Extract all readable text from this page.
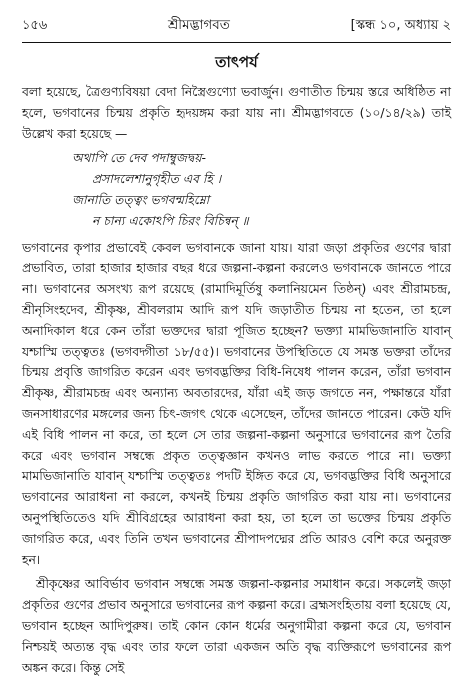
১৫৬	শ্রীমদ্ভাগবত	[স্কন্ধ ১০, অধ্যায় ২
তাৎপর্য

বলা হয়েছে, ত্রৈগুণ্যবিষয়া বেদা নিস্ত্রৈগুণ্যো ভবার্জুন। গুণাতীত চিন্ময় স্তরে অধিষ্ঠিত না হলে, ভগবানের চিন্ময় প্রকৃতি হৃদয়ঙ্গম করা যায় না। শ্রীমদ্ভাগবতে (১০/১৪/২৯) তাই উল্লেখ করা হয়েছে —

অথাপি তে দেব পদাম্বুজদ্বয়-
প্রসাদলেশানুগৃহীত এব হি ।
জানাতি তত্ত্বং ভগবন্মহিম্নো
ন চান্য একোঽপি চিরং বিচিন্বন্ ॥

ভগবানের কৃপার প্রভাবেই কেবল ভগবানকে জানা যায়। যারা জড়া প্রকৃতির গুণের দ্বারা প্রভাবিত, তারা হাজার হাজার বছর ধরে জল্পনা-কল্পনা করলেও ভগবানকে জানতে পারে না। ভগবানের অসংখ্য রূপ রয়েছে (রামাদিমূর্তিষু কলানিয়মেন তিষ্ঠন্) এবং শ্রীরামচন্দ্র, শ্রীনৃসিংহদেব, শ্রীকৃষ্ণ, শ্রীবলরাম আদি রূপ যদি জড়াতীত চিন্ময় না হতেন, তা হলে অনাদিকাল ধরে কেন তাঁরা ভক্তদের দ্বারা পূজিত হচ্ছেন? ভক্ত্যা মামভিজানাতি যাবান্ যশ্চাস্মি তত্ত্বতঃ (ভগবদ্গীতা ১৮/৫৫)। ভগবানের উপস্থিতিতে যে সমস্ত ভক্তরা তাঁদের চিন্ময় প্রবৃত্তি জাগরিত করেন এবং ভগবদ্ভক্তির বিধি-নিষেধ পালন করেন, তাঁরা ভগবান শ্রীকৃষ্ণ, শ্রীরামচন্দ্র এবং অন্যান্য অবতারদের, যাঁরা এই জড় জগতে নন, পক্ষান্তরে যাঁরা জনসাধারণের মঙ্গলের জন্য চিৎ-জগৎ থেকে এসেছেন, তাঁদের জানতে পারেন। কেউ যদি এই বিধি পালন না করে, তা হলে সে তার জল্পনা-কল্পনা অনুসারে ভগবানের রূপ তৈরি করে এবং ভগবান সম্বন্ধে প্রকৃত তত্ত্বজ্ঞান কখনও লাভ করতে পারে না। ভক্ত্যা মামভিজানাতি যাবান্ যশ্চাস্মি তত্ত্বতঃ পদটি ইঙ্গিত করে যে, ভগবদ্ভক্তির বিধি অনুসারে ভগবানের আরাধনা না করলে, কখনই চিন্ময় প্রকৃতি জাগরিত করা যায় না। ভগবানের অনুপস্থিতিতেও যদি শ্রীবিগ্রহের আরাধনা করা হয়, তা হলে তা ভক্তের চিন্ময় প্রকৃতি জাগরিত করে, এবং তিনি তখন ভগবানের শ্রীপাদপদ্মের প্রতি আরও বেশি করে অনুরক্ত হন।

শ্রীকৃষ্ণের আবির্ভাব ভগবান সম্বন্ধে সমস্ত জল্পনা-কল্পনার সমাধান করে। সকলেই জড়া প্রকৃতির গুণের প্রভাব অনুসারে ভগবানের রূপ কল্পনা করে। ব্রহ্মসংহিতায় বলা হয়েছে যে, ভগবান হচ্ছেন আদিপুরুষ। তাই কোন কোন ধর্মের অনুগামীরা কল্পনা করে যে, ভগবান নিশ্চয়ই অত্যন্ত বৃদ্ধ এবং তার ফলে তারা একজন অতি বৃদ্ধ ব্যক্তিরূপে ভগবানের রূপ অঙ্কন করে। কিন্তু সেই
